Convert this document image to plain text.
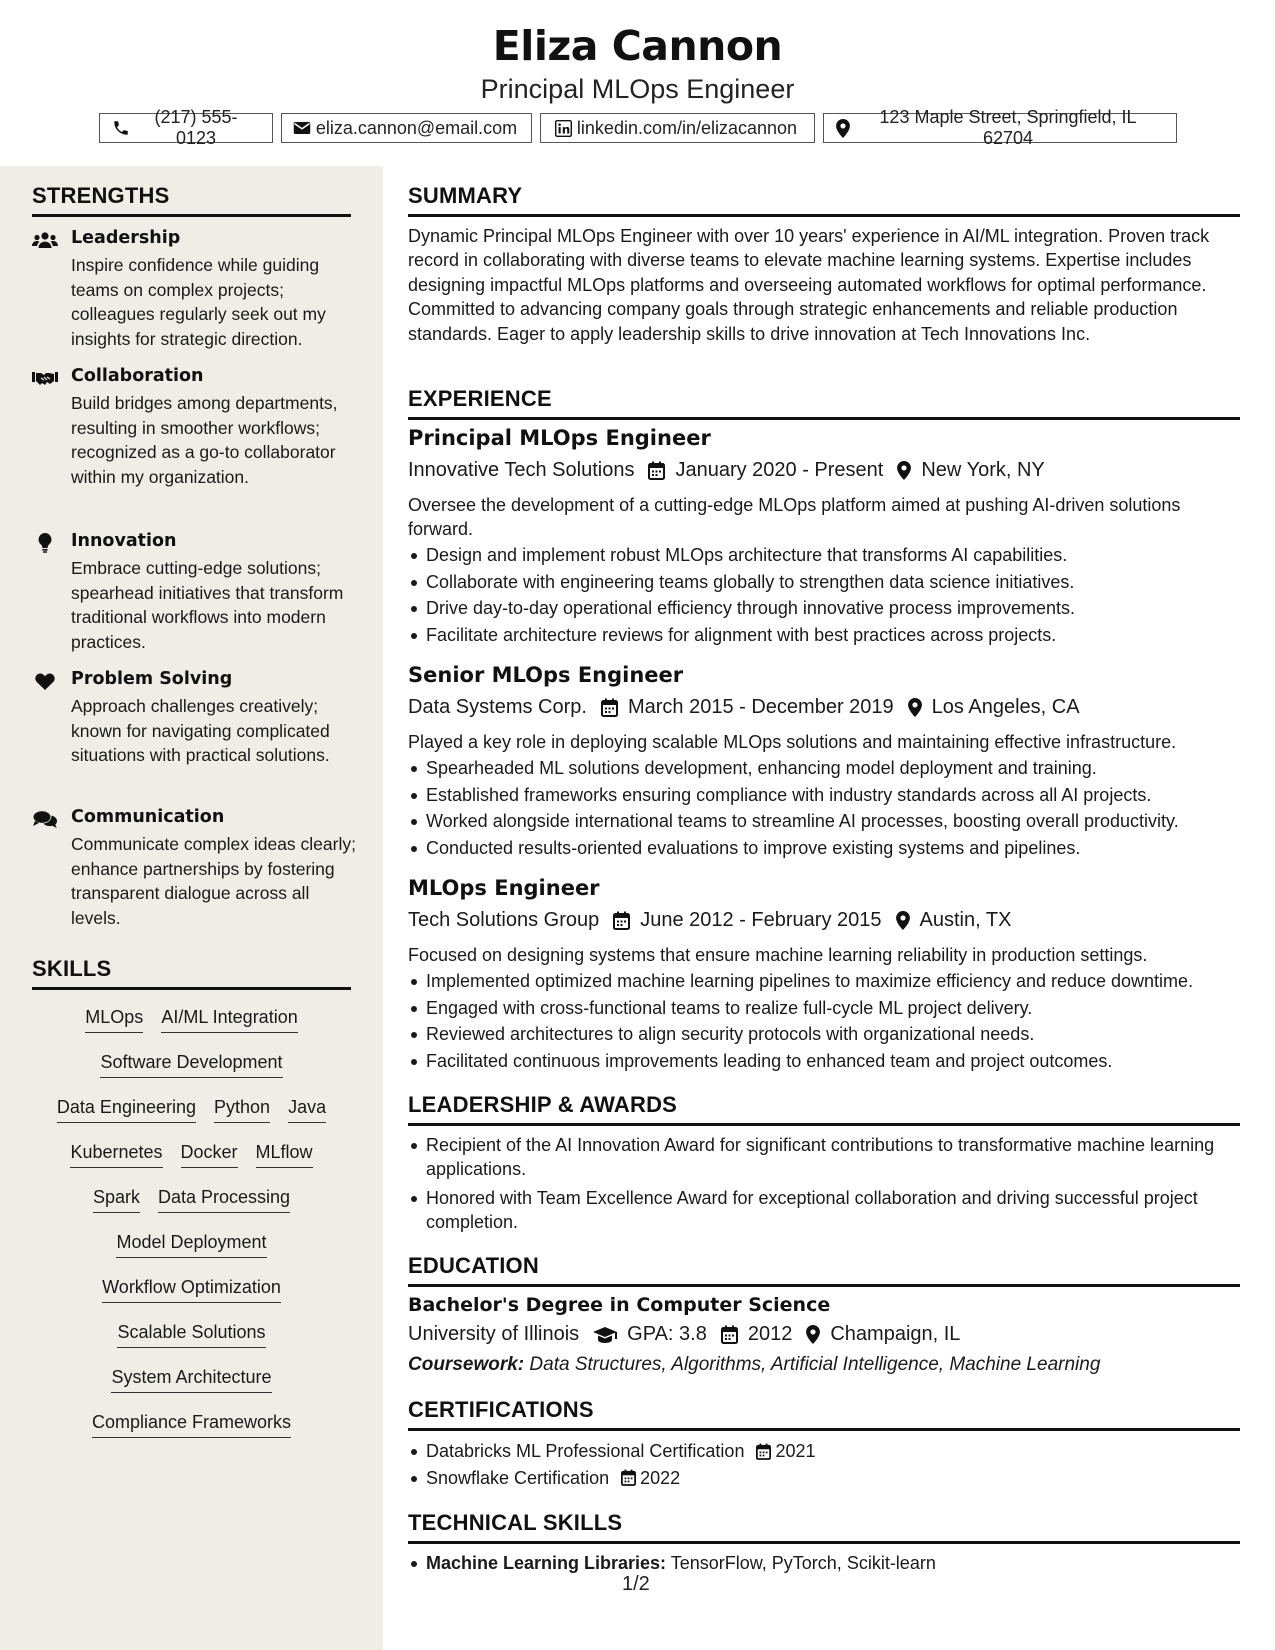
Eliza Cannon
Principal MLOps Engineer
(217) 555-0123
eliza.cannon@email.com	linkedin.com/in/elizacannon
123 Maple Street, Springfield, IL 62704
STRENGTHS
Leadership
Inspire confidence while guiding teams on complex projects; colleagues regularly seek out my insights for strategic direction.
Collaboration
Build bridges among departments, resulting in smoother workflows; recognized as a go-to collaborator within my organization.
Innovation
Embrace cutting-edge solutions; spearhead initiatives that transform traditional workflows into modern practices.
Problem Solving
Approach challenges creatively; known for navigating complicated situations with practical solutions.
Communication
Communicate complex ideas clearly; enhance partnerships by fostering transparent dialogue across all levels.
SKILLS
MLOps AI/ML Integration
Software Development
Data Engineering Python Java
Kubernetes Docker MLflow
Spark Data Processing
Model Deployment
Workflow Optimization
Scalable Solutions
System Architecture
Compliance Frameworks
SUMMARY
Dynamic Principal MLOps Engineer with over 10 years' experience in AI/ML integration. Proven track record in collaborating with diverse teams to elevate machine learning systems. Expertise includes designing impactful MLOps platforms and overseeing automated workflows for optimal performance. Committed to advancing company goals through strategic enhancements and reliable production standards. Eager to apply leadership skills to drive innovation at Tech Innovations Inc.
EXPERIENCE
Principal MLOps Engineer
Innovative Tech Solutions January 2020 - Present New York, NY
Oversee the development of a cutting-edge MLOps platform aimed at pushing AI-driven solutions forward.
Design and implement robust MLOps architecture that transforms AI capabilities.
Collaborate with engineering teams globally to strengthen data science initiatives.
Drive day-to-day operational efficiency through innovative process improvements.
Facilitate architecture reviews for alignment with best practices across projects.
Senior MLOps Engineer
Data Systems Corp. March 2015 - December 2019 Los Angeles, CA
Played a key role in deploying scalable MLOps solutions and maintaining effective infrastructure.
Spearheaded ML solutions development, enhancing model deployment and training.
Established frameworks ensuring compliance with industry standards across all AI projects.
Worked alongside international teams to streamline AI processes, boosting overall productivity.
Conducted results-oriented evaluations to improve existing systems and pipelines.
MLOps Engineer
Tech Solutions Group June 2012 - February 2015 Austin, TX
Focused on designing systems that ensure machine learning reliability in production settings.
Implemented optimized machine learning pipelines to maximize efficiency and reduce downtime.
Engaged with cross-functional teams to realize full-cycle ML project delivery.
Reviewed architectures to align security protocols with organizational needs.
Facilitated continuous improvements leading to enhanced team and project outcomes.
LEADERSHIP & AWARDS
Recipient of the AI Innovation Award for significant contributions to transformative machine learning applications.
Honored with Team Excellence Award for exceptional collaboration and driving successful project completion.
EDUCATION
Bachelor's Degree in Computer Science
University of Illinois GPA: 3.8 2012 Champaign, IL
Coursework: Data Structures, Algorithms, Artificial Intelligence, Machine Learning
CERTIFICATIONS
Databricks ML Professional Certification 2021
Snowflake Certification 2022
TECHNICAL SKILLS
Machine Learning Libraries: TensorFlow, PyTorch, Scikit-learn
1/2
